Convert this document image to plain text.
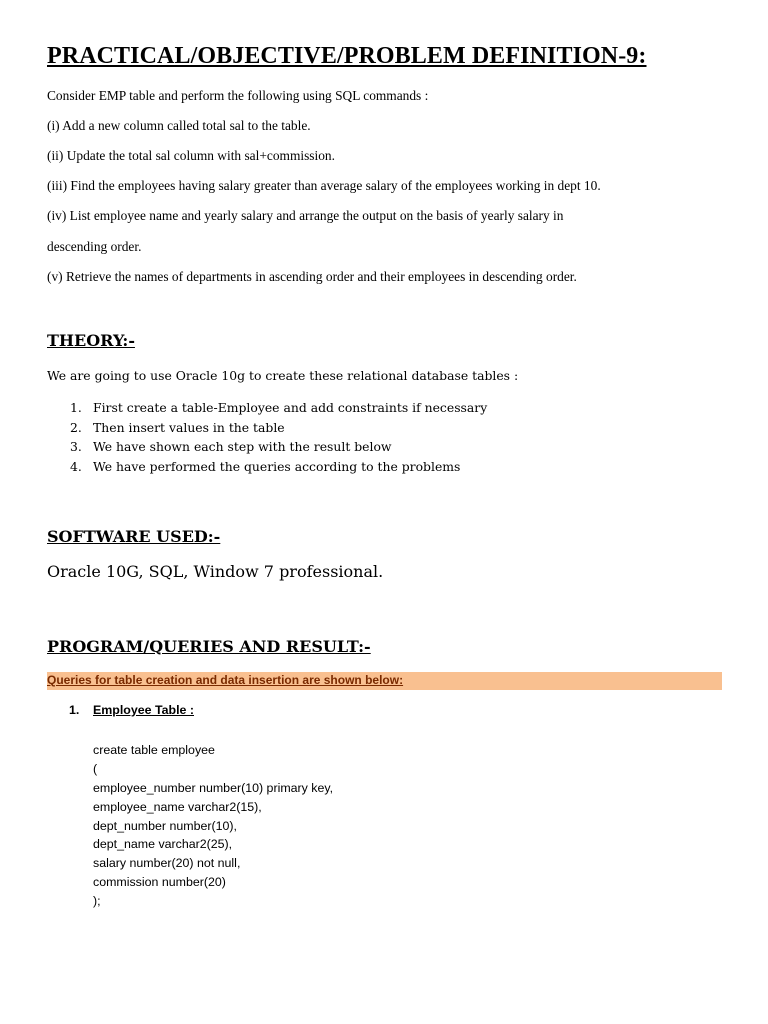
PRACTICAL/OBJECTIVE/PROBLEM DEFINITION-9:

Consider EMP table and perform the following using SQL commands :

(i) Add a new column called total sal to the table.

(ii) Update the total sal column with sal+commission.

(iii) Find the employees having salary greater than average salary of the employees working in dept 10.

(iv) List employee name and yearly salary and arrange the output on the basis of yearly salary in

descending order.

(v) Retrieve the names of departments in ascending order and their employees in descending order.

THEORY:-

We are going to use Oracle 10g to create these relational database tables :

1. First create a table-Employee and add constraints if necessary
2. Then insert values in the table
3. We have shown each step with the result below
4. We have performed the queries according to the problems
SOFTWARE USED:-

Oracle 10G, SQL, Window 7 professional.

PROGRAM/QUERIES AND RESULT:-
Queries for table creation and data insertion are shown below:

1. Employee Table :

create table employee
(
employee_number number(10) primary key,
employee_name varchar2(15),
dept_number number(10),
dept_name varchar2(25),
salary number(20) not null,
commission number(20)
);
